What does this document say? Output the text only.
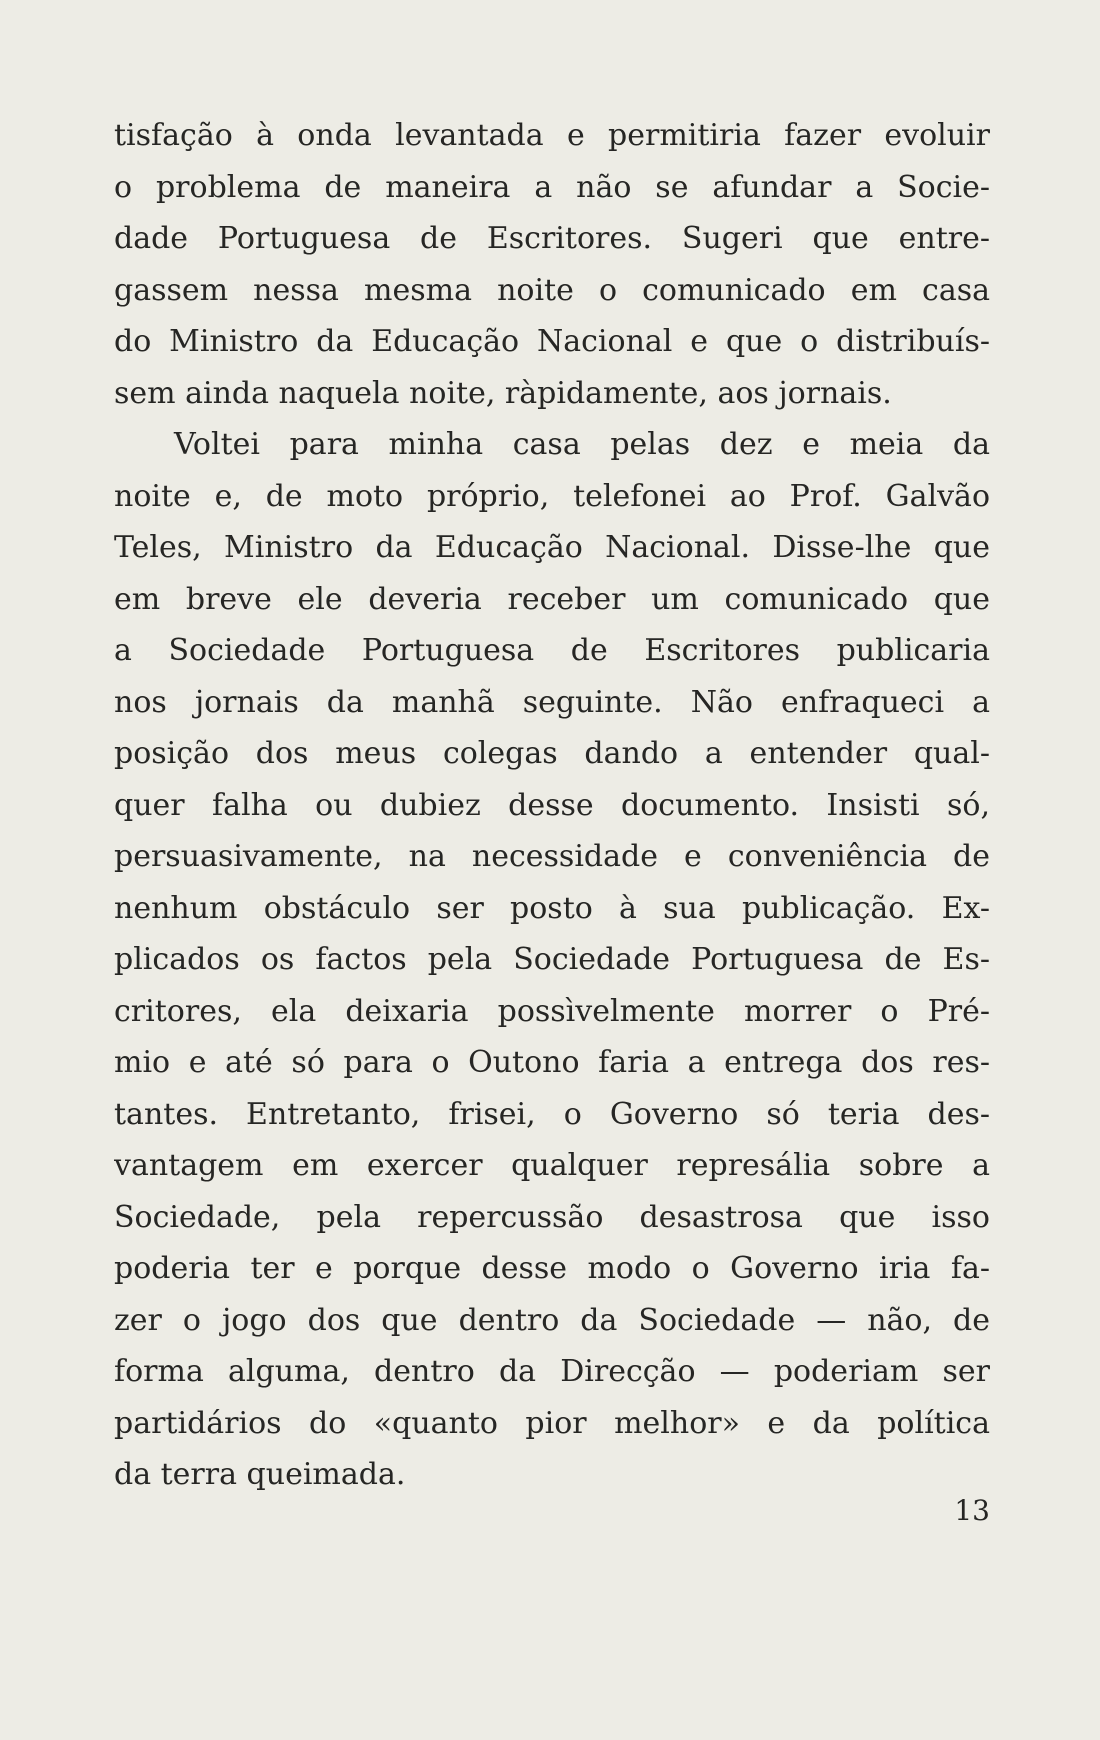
tisfação à onda levantada e permitiria fazer evoluir
o problema de maneira a não se afundar a Socie-
dade Portuguesa de Escritores. Sugeri que entre-
gassem nessa mesma noite o comunicado em casa
do Ministro da Educação Nacional e que o distribuís-
sem ainda naquela noite, ràpidamente, aos jornais.
Voltei para minha casa pelas dez e meia da
noite e, de moto próprio, telefonei ao Prof. Galvão
Teles, Ministro da Educação Nacional. Disse-lhe que
em breve ele deveria receber um comunicado que
a Sociedade Portuguesa de Escritores publicaria
nos jornais da manhã seguinte. Não enfraqueci a
posição dos meus colegas dando a entender qual-
quer falha ou dubiez desse documento. Insisti só,
persuasivamente, na necessidade e conveniência de
nenhum obstáculo ser posto à sua publicação. Ex-
plicados os factos pela Sociedade Portuguesa de Es-
critores, ela deixaria possìvelmente morrer o Pré-
mio e até só para o Outono faria a entrega dos res-
tantes. Entretanto, frisei, o Governo só teria des-
vantagem em exercer qualquer represália sobre a
Sociedade, pela repercussão desastrosa que isso
poderia ter e porque desse modo o Governo iria fa-
zer o jogo dos que dentro da Sociedade — não, de
forma alguma, dentro da Direcção — poderiam ser
partidários do «quanto pior melhor» e da política
da terra queimada.
13
